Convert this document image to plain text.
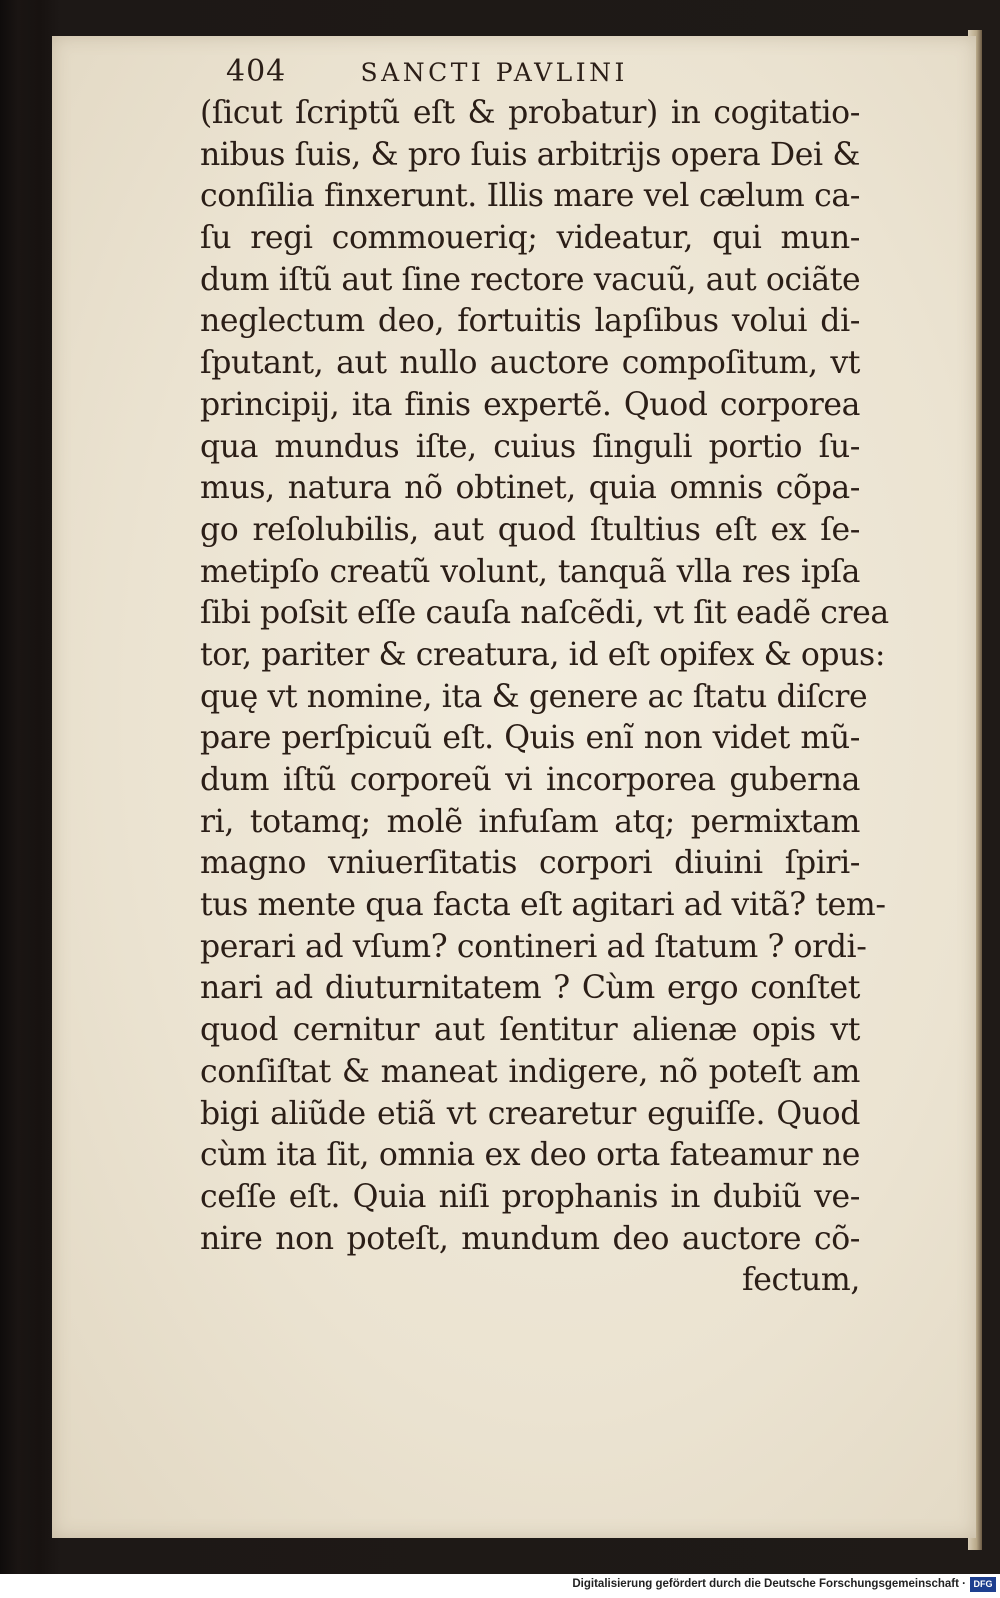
404	SANCTI PAVLINI
(ſicut ſcriptũ eſt & probatur) in cogitatio-
nibus ſuis, & pro ſuis arbitrijs opera Dei &
conſilia finxerunt. Illis mare vel cælum ca-
ſu regi commoueriq; videatur, qui mun-
dum iſtũ aut ſine rectore vacuũ, aut ociãte
neglectum deo, fortuitis lapſibus volui di-
ſputant, aut nullo auctore compoſitum, vt
principij, ita finis expertẽ. Quod corporea
qua mundus iſte, cuius ſinguli portio ſu-
mus, natura nõ obtinet, quia omnis cõpa-
go reſolubilis, aut quod ſtultius eſt ex ſe-
metipſo creatũ volunt, tanquã vlla res ipſa
ſibi poſsit eſſe cauſa naſcẽdi, vt ſit eadẽ crea
tor, pariter & creatura, id eſt opifex & opus:
quę vt nomine, ita & genere ac ſtatu diſcre
pare perſpicuũ eſt. Quis enĩ non videt mũ-
dum iſtũ corporeũ vi incorporea guberna
ri, totamq; molẽ infuſam atq; permixtam
magno vniuerſitatis corpori diuini ſpiri-
tus mente qua facta eſt agitari ad vitã? tem-
perari ad vſum? contineri ad ſtatum ? ordi-
nari ad diuturnitatem ? Cùm ergo conſtet
quod cernitur aut ſentitur alienæ opis vt
conſiſtat & maneat indigere, nõ poteſt am
bigi aliũde etiã vt crearetur eguiſſe. Quod
cùm ita ſit, omnia ex deo orta fateamur ne
ceſſe eſt. Quia niſi prophanis in dubiũ ve-
nire non poteſt, mundum deo auctore cõ-
fectum,
Digitalisierung gefördert durch die Deutsche Forschungsgemeinschaft · DFG
